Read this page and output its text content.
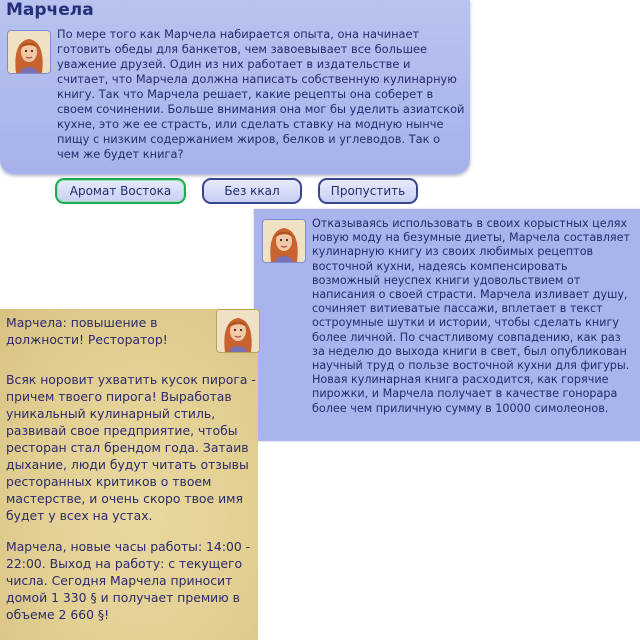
Марчела

По мере того как Марчела набирается опыта, она начинает готовить обеды для банкетов, чем завоевывает все большее уважение друзей. Один из них работает в издательстве и считает, что Марчела должна написать собственную кулинарную книгу. Так что Марчела решает, какие рецепты она соберет в своем сочинении. Больше внимания она мог бы уделить азиатской кухне, это же ее страсть, или сделать ставку на модную нынче пищу с низким содержанием жиров, белков и углеводов. Так о чем же будет книга?

Аромат Востока	Без ккал	Пропустить

Отказываясь использовать в своих корыстных целях новую моду на безумные диеты, Марчела составляет кулинарную книгу из своих любимых рецептов восточной кухни, надеясь компенсировать возможный неуспех книги удовольствием от написания о своей страсти. Марчела изливает душу, сочиняет витиеватые пассажи, вплетает в текст остроумные шутки и истории, чтобы сделать книгу более личной. По счастливому совпадению, как раз за неделю до выхода книги в свет, был опубликован научный труд о пользе восточной кухни для фигуры. Новая кулинарная книга расходится, как горячие пирожки, и Марчела получает в качестве гонорара более чем приличную сумму в 10000 симолеонов.

Марчела: повышение в должности! Ресторатор!

Всяк норовит ухватить кусок пирога - причем твоего пирога! Выработав уникальный кулинарный стиль, развивай свое предприятие, чтобы ресторан стал брендом года. Затаив дыхание, люди будут читать отзывы ресторанных критиков о твоем мастерстве, и очень скоро твое имя будет у всех на устах.

Марчела, новые часы работы: 14:00 - 22:00. Выход на работу: с текущего числа. Сегодня Марчела приносит домой 1 330 § и получает премию в объеме 2 660 §!
